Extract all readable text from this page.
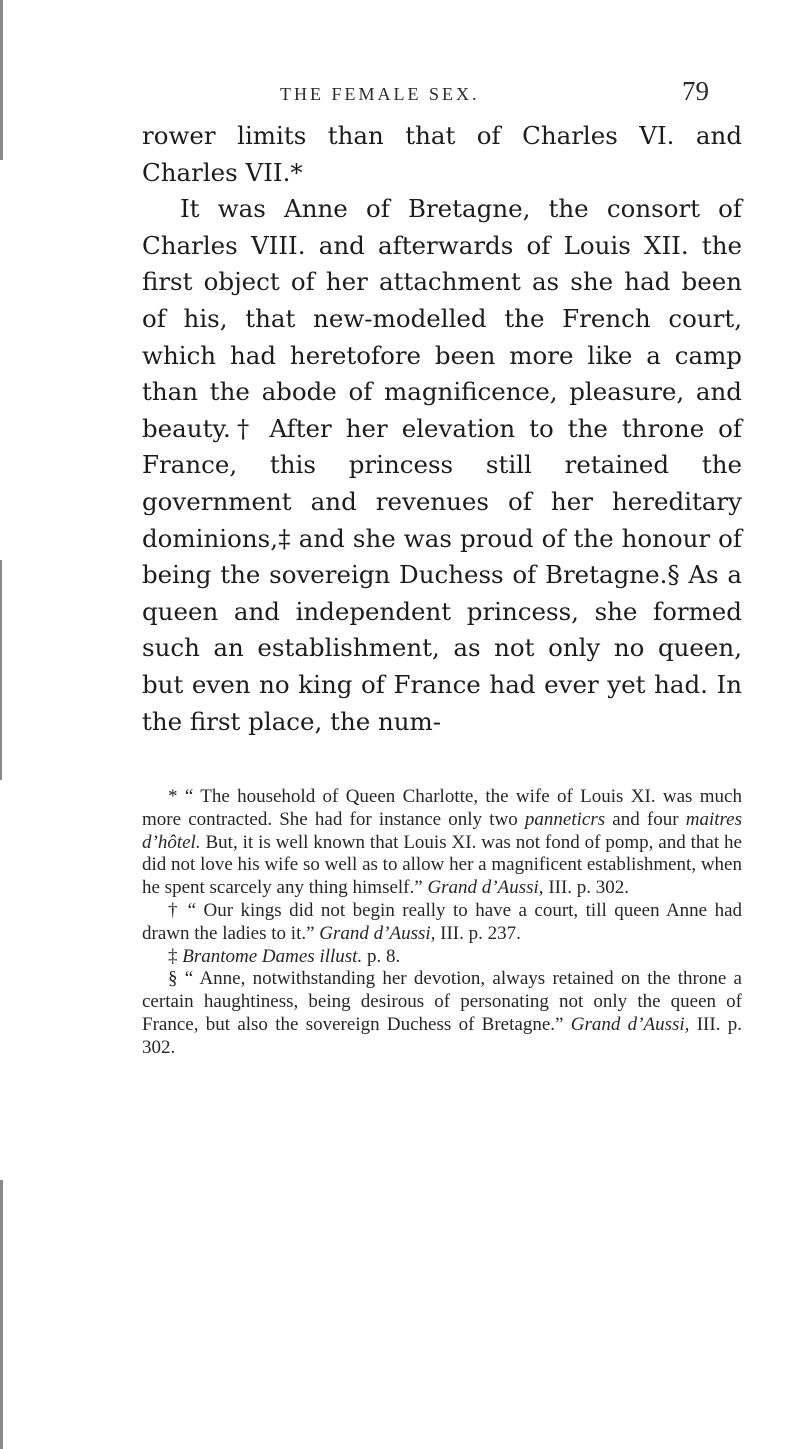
THE FEMALE SEX.	79

rower limits than that of Charles VI. and Charles VII.*

It was Anne of Bretagne, the consort of Charles VIII. and afterwards of Louis XII. the first object of her attachment as she had been of his, that new-modelled the French court, which had heretofore been more like a camp than the abode of magnificence, pleasure, and beauty.† After her elevation to the throne of France, this princess still retained the government and revenues of her hereditary dominions,‡ and she was proud of the honour of being the sovereign Duchess of Bretagne.§ As a queen and independent princess, she formed such an establishment, as not only no queen, but even no king of France had ever yet had. In the first place, the num-

* “ The household of Queen Charlotte, the wife of Louis XI. was much more contracted. She had for instance only two panneticrs and four maitres d’hôtel. But, it is well known that Louis XI. was not fond of pomp, and that he did not love his wife so well as to allow her a magnificent establishment, when he spent scarcely any thing himself.” Grand d’Aussi, III. p. 302.

† “ Our kings did not begin really to have a court, till queen Anne had drawn the ladies to it.” Grand d’Aussi, III. p. 237.

‡ Brantome Dames illust. p. 8.

§ “ Anne, notwithstanding her devotion, always retained on the throne a certain haughtiness, being desirous of personating not only the queen of France, but also the sovereign Duchess of Bretagne.” Grand d’Aussi, III. p. 302.
